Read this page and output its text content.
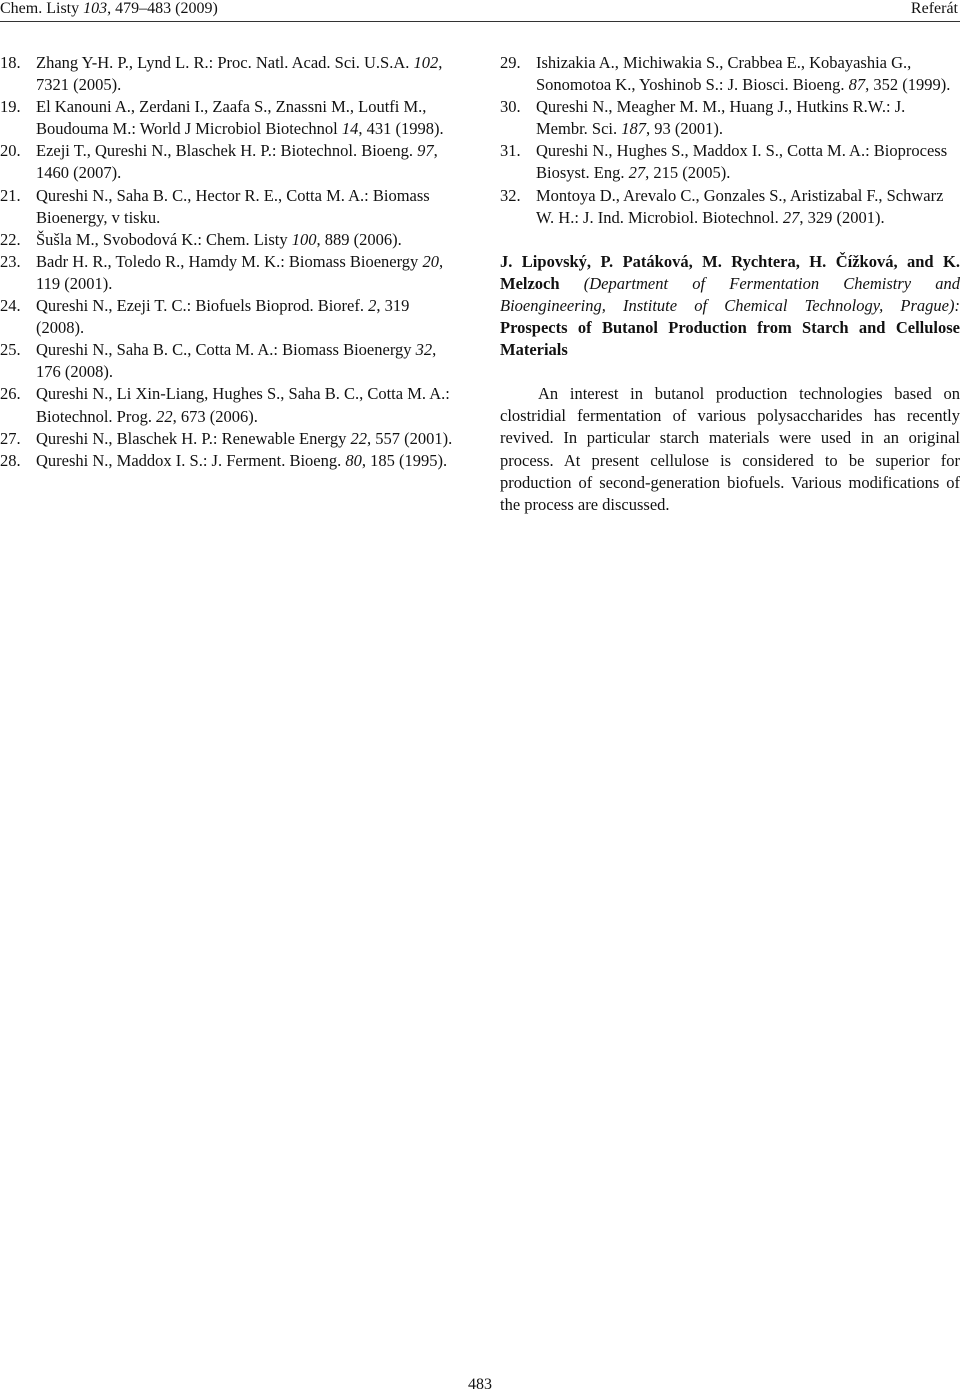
Chem. Listy 103, 479–483 (2009)	Referát
18. Zhang Y-H. P., Lynd L. R.: Proc. Natl. Acad. Sci. U.S.A. 102, 7321 (2005).
19. El Kanouni A., Zerdani I., Zaafa S., Znassni M., Loutfi M., Boudouma M.: World J Microbiol Biotechnol 14, 431 (1998).
20. Ezeji T., Qureshi N., Blaschek H. P.: Biotechnol. Bioeng. 97, 1460 (2007).
21. Qureshi N., Saha B. C., Hector R. E., Cotta M. A.: Biomass Bioenergy, v tisku.
22. Šušla M., Svobodová K.: Chem. Listy 100, 889 (2006).
23. Badr H. R., Toledo R., Hamdy M. K.: Biomass Bioenergy 20, 119 (2001).
24. Qureshi N., Ezeji T. C.: Biofuels Bioprod. Bioref. 2, 319 (2008).
25. Qureshi N., Saha B. C., Cotta M. A.: Biomass Bioenergy 32, 176 (2008).
26. Qureshi N., Li Xin-Liang, Hughes S., Saha B. C., Cotta M. A.: Biotechnol. Prog. 22, 673 (2006).
27. Qureshi N., Blaschek H. P.: Renewable Energy 22, 557 (2001).
28. Qureshi N., Maddox I. S.: J. Ferment. Bioeng. 80, 185 (1995).
29. Ishizakia A., Michiwakia S., Crabbea E., Kobayashia G., Sonomotoa K., Yoshinob S.: J. Biosci. Bioeng. 87, 352 (1999).
30. Qureshi N., Meagher M. M., Huang J., Hutkins R.W.: J. Membr. Sci. 187, 93 (2001).
31. Qureshi N., Hughes S., Maddox I. S., Cotta M. A.: Bioprocess Biosyst. Eng. 27, 215 (2005).
32. Montoya D., Arevalo C., Gonzales S., Aristizabal F., Schwarz W. H.: J. Ind. Microbiol. Biotechnol. 27, 329 (2001).
J. Lipovský, P. Patáková, M. Rychtera, H. Čížková, and K. Melzoch (Department of Fermentation Chemistry and Bioengineering, Institute of Chemical Technology, Prague): Prospects of Butanol Production from Starch and Cellulose Materials
An interest in butanol production technologies based on clostridial fermentation of various polysaccharides has recently revived. In particular starch materials were used in an original process. At present cellulose is considered to be superior for production of second-generation biofuels. Various modifications of the process are discussed.
483
